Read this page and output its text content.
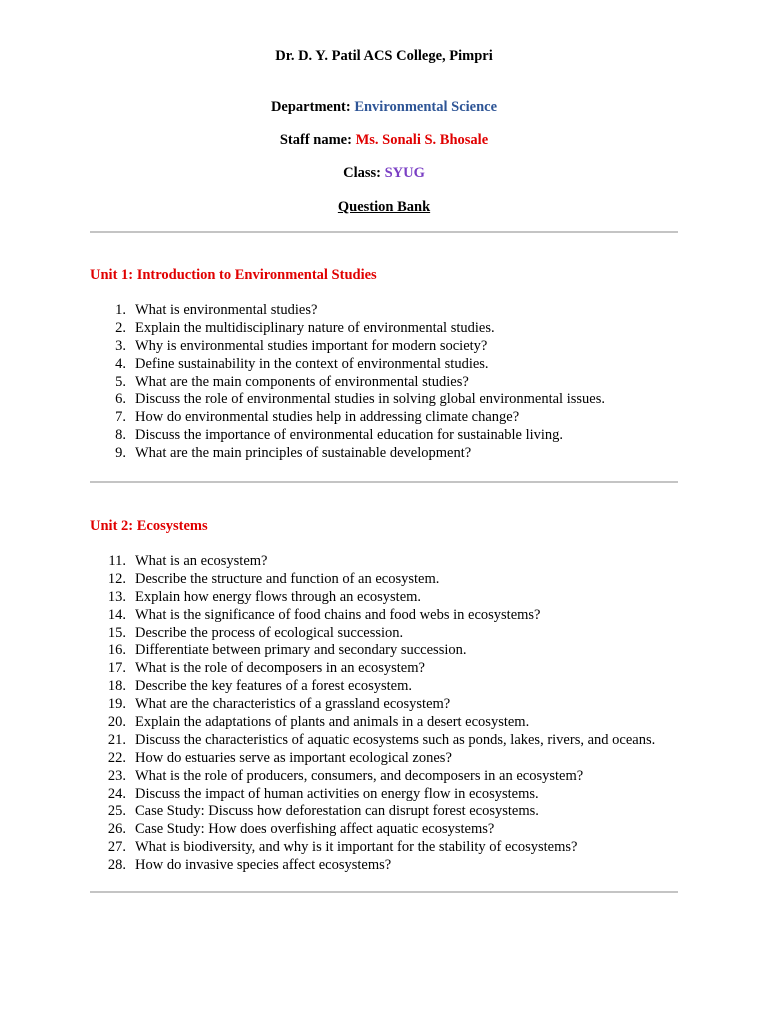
Dr. D. Y. Patil ACS College, Pimpri
Department: Environmental Science
Staff name: Ms. Sonali S. Bhosale
Class: SYUG
Question Bank
Unit 1: Introduction to Environmental Studies
1. What is environmental studies?
2. Explain the multidisciplinary nature of environmental studies.
3. Why is environmental studies important for modern society?
4. Define sustainability in the context of environmental studies.
5. What are the main components of environmental studies?
6. Discuss the role of environmental studies in solving global environmental issues.
7. How do environmental studies help in addressing climate change?
8. Discuss the importance of environmental education for sustainable living.
9. What are the main principles of sustainable development?
Unit 2: Ecosystems
11. What is an ecosystem?
12. Describe the structure and function of an ecosystem.
13. Explain how energy flows through an ecosystem.
14. What is the significance of food chains and food webs in ecosystems?
15. Describe the process of ecological succession.
16. Differentiate between primary and secondary succession.
17. What is the role of decomposers in an ecosystem?
18. Describe the key features of a forest ecosystem.
19. What are the characteristics of a grassland ecosystem?
20. Explain the adaptations of plants and animals in a desert ecosystem.
21. Discuss the characteristics of aquatic ecosystems such as ponds, lakes, rivers, and oceans.
22. How do estuaries serve as important ecological zones?
23. What is the role of producers, consumers, and decomposers in an ecosystem?
24. Discuss the impact of human activities on energy flow in ecosystems.
25. Case Study: Discuss how deforestation can disrupt forest ecosystems.
26. Case Study: How does overfishing affect aquatic ecosystems?
27. What is biodiversity, and why is it important for the stability of ecosystems?
28. How do invasive species affect ecosystems?
